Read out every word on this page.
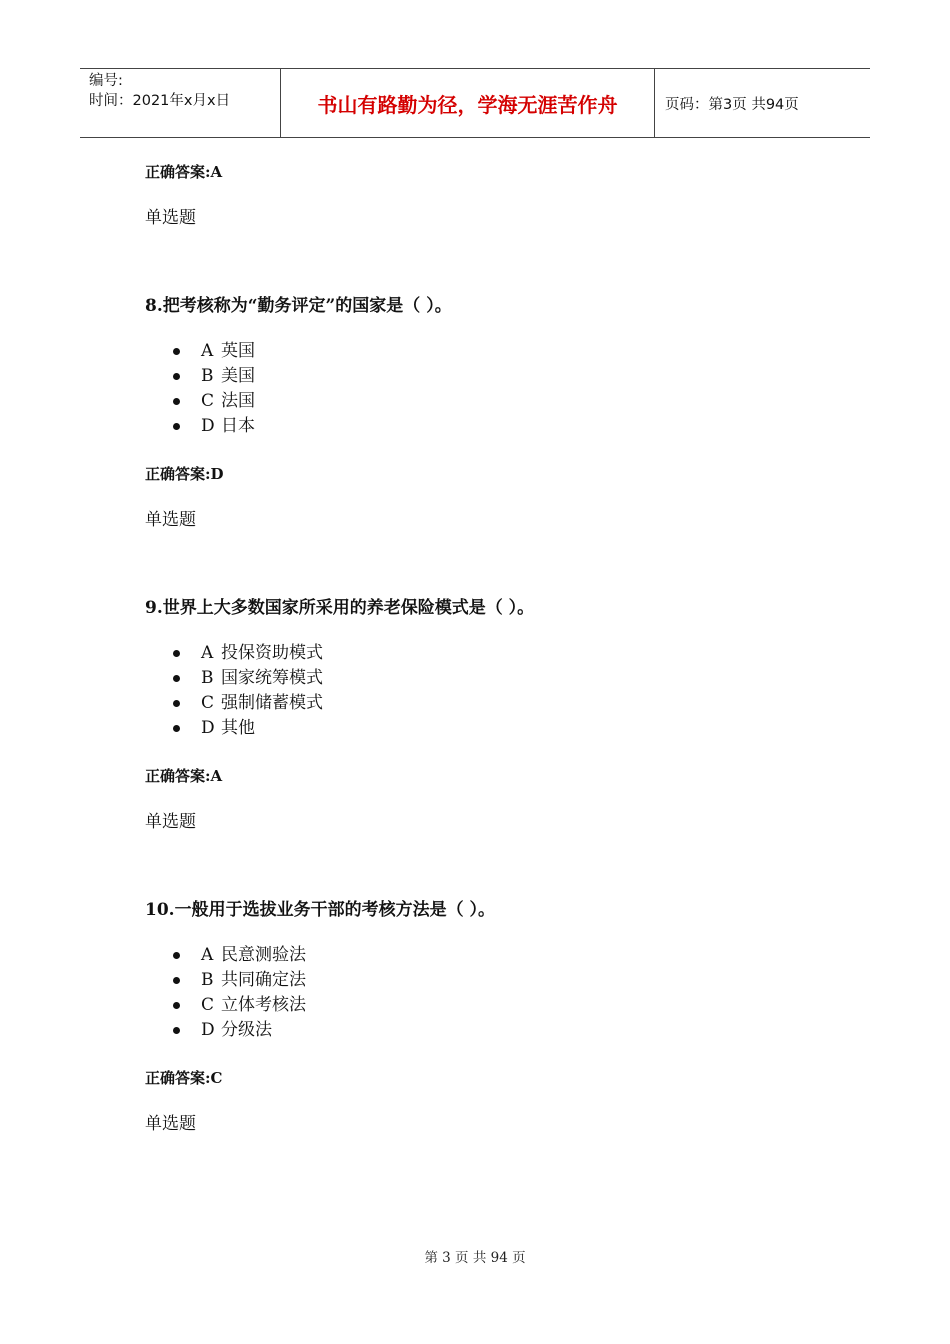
编号:
时间：2021年x月x日	书山有路勤为径，学海无涯苦作舟	页码：第3页 共94页

正确答案:A

单选题

8.把考核称为“勤务评定”的国家是（ ）。

A 英国
B 美国
C 法国
D 日本

正确答案:D

单选题

9.世界上大多数国家所采用的养老保险模式是（ ）。

A 投保资助模式
B 国家统筹模式
C 强制储蓄模式
D 其他

正确答案:A

单选题

10.一般用于选拔业务干部的考核方法是（ ）。

A 民意测验法
B 共同确定法
C 立体考核法
D 分级法

正确答案:C

单选题

第 3 页 共 94 页
